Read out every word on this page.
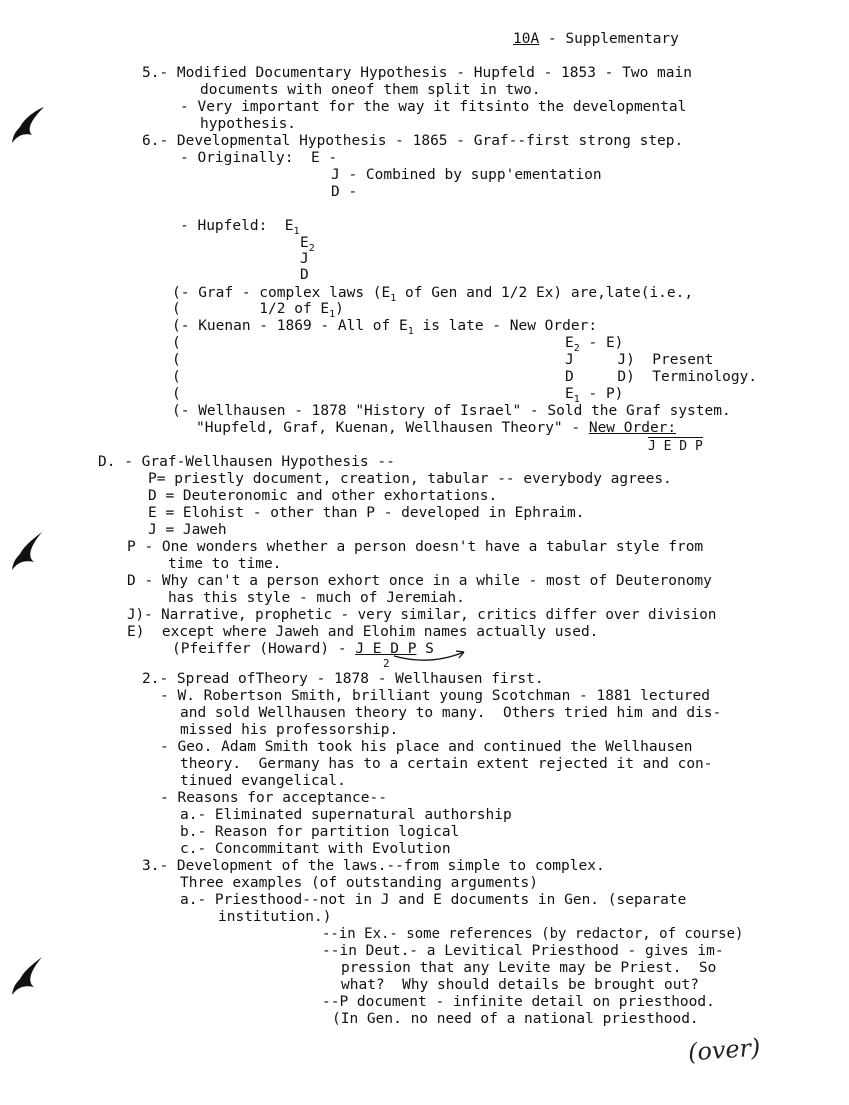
10A - Supplementary
5.- Modified Documentary Hypothesis - Hupfeld - 1853 - Two main
documents with oneof them split in two.
- Very important for the way it fitsinto the developmental
hypothesis.
6.- Developmental Hypothesis - 1865 - Graf--first strong step.
- Originally:  E -
J - Combined by supp'ementation
D -
- Hupfeld:  $E_1$
$E_2$
J
D
(- Graf - complex laws ($E_1$ of Gen and 1/2 Ex) are,late(i.e.,
(         1/2 of $E_1$)
(- Kuenan - 1869 - All of $E_1$ is late - New Order:
(	$E_2 - E$)
(	J     J)  Present
(	D     D)  Terminology.
(	$E_1 - P$)
(- Wellhausen - 1878 "History of Israel" - Sold the Graf system.
"Hupfeld, Graf, Kuenan, Wellhausen Theory" - New Order:
J E D P
D. - Graf-Wellhausen Hypothesis --
P= priestly document, creation, tabular -- everybody agrees.
D = Deuteronomic and other exhortations.
E = Elohist - other than P - developed in Ephraim.
J = Jaweh
P - One wonders whether a person doesn't have a tabular style from
time to time.
D - Why can't a person exhort once in a while - most of Deuteronomy
has this style - much of Jeremiah.
J)- Narrative, prophetic - very similar, critics differ over division
E)  except where Jaweh and Elohim names actually used.
(Pfeiffer (Howard) - J E D P S
2
2.- Spread ofTheory - 1878 - Wellhausen first.
- W. Robertson Smith, brilliant young Scotchman - 1881 lectured
and sold Wellhausen theory to many.  Others tried him and dis-
missed his professorship.
- Geo. Adam Smith took his place and continued the Wellhausen
theory.  Germany has to a certain extent rejected it and con-
tinued evangelical.
- Reasons for acceptance--
a.- Eliminated supernatural authorship
b.- Reason for partition logical
c.- Concommitant with Evolution
3.- Development of the laws.--from simple to complex.
Three examples (of outstanding arguments)
a.- Priesthood--not in J and E documents in Gen. (separate
institution.)
--in Ex.- some references (by redactor, of course)
--in Deut.- a Levitical Priesthood - gives im-
pression that any Levite may be Priest.  So
what?  Why should details be brought out?
--P document - infinite detail on priesthood.
(In Gen. no need of a national priesthood.
(over)
